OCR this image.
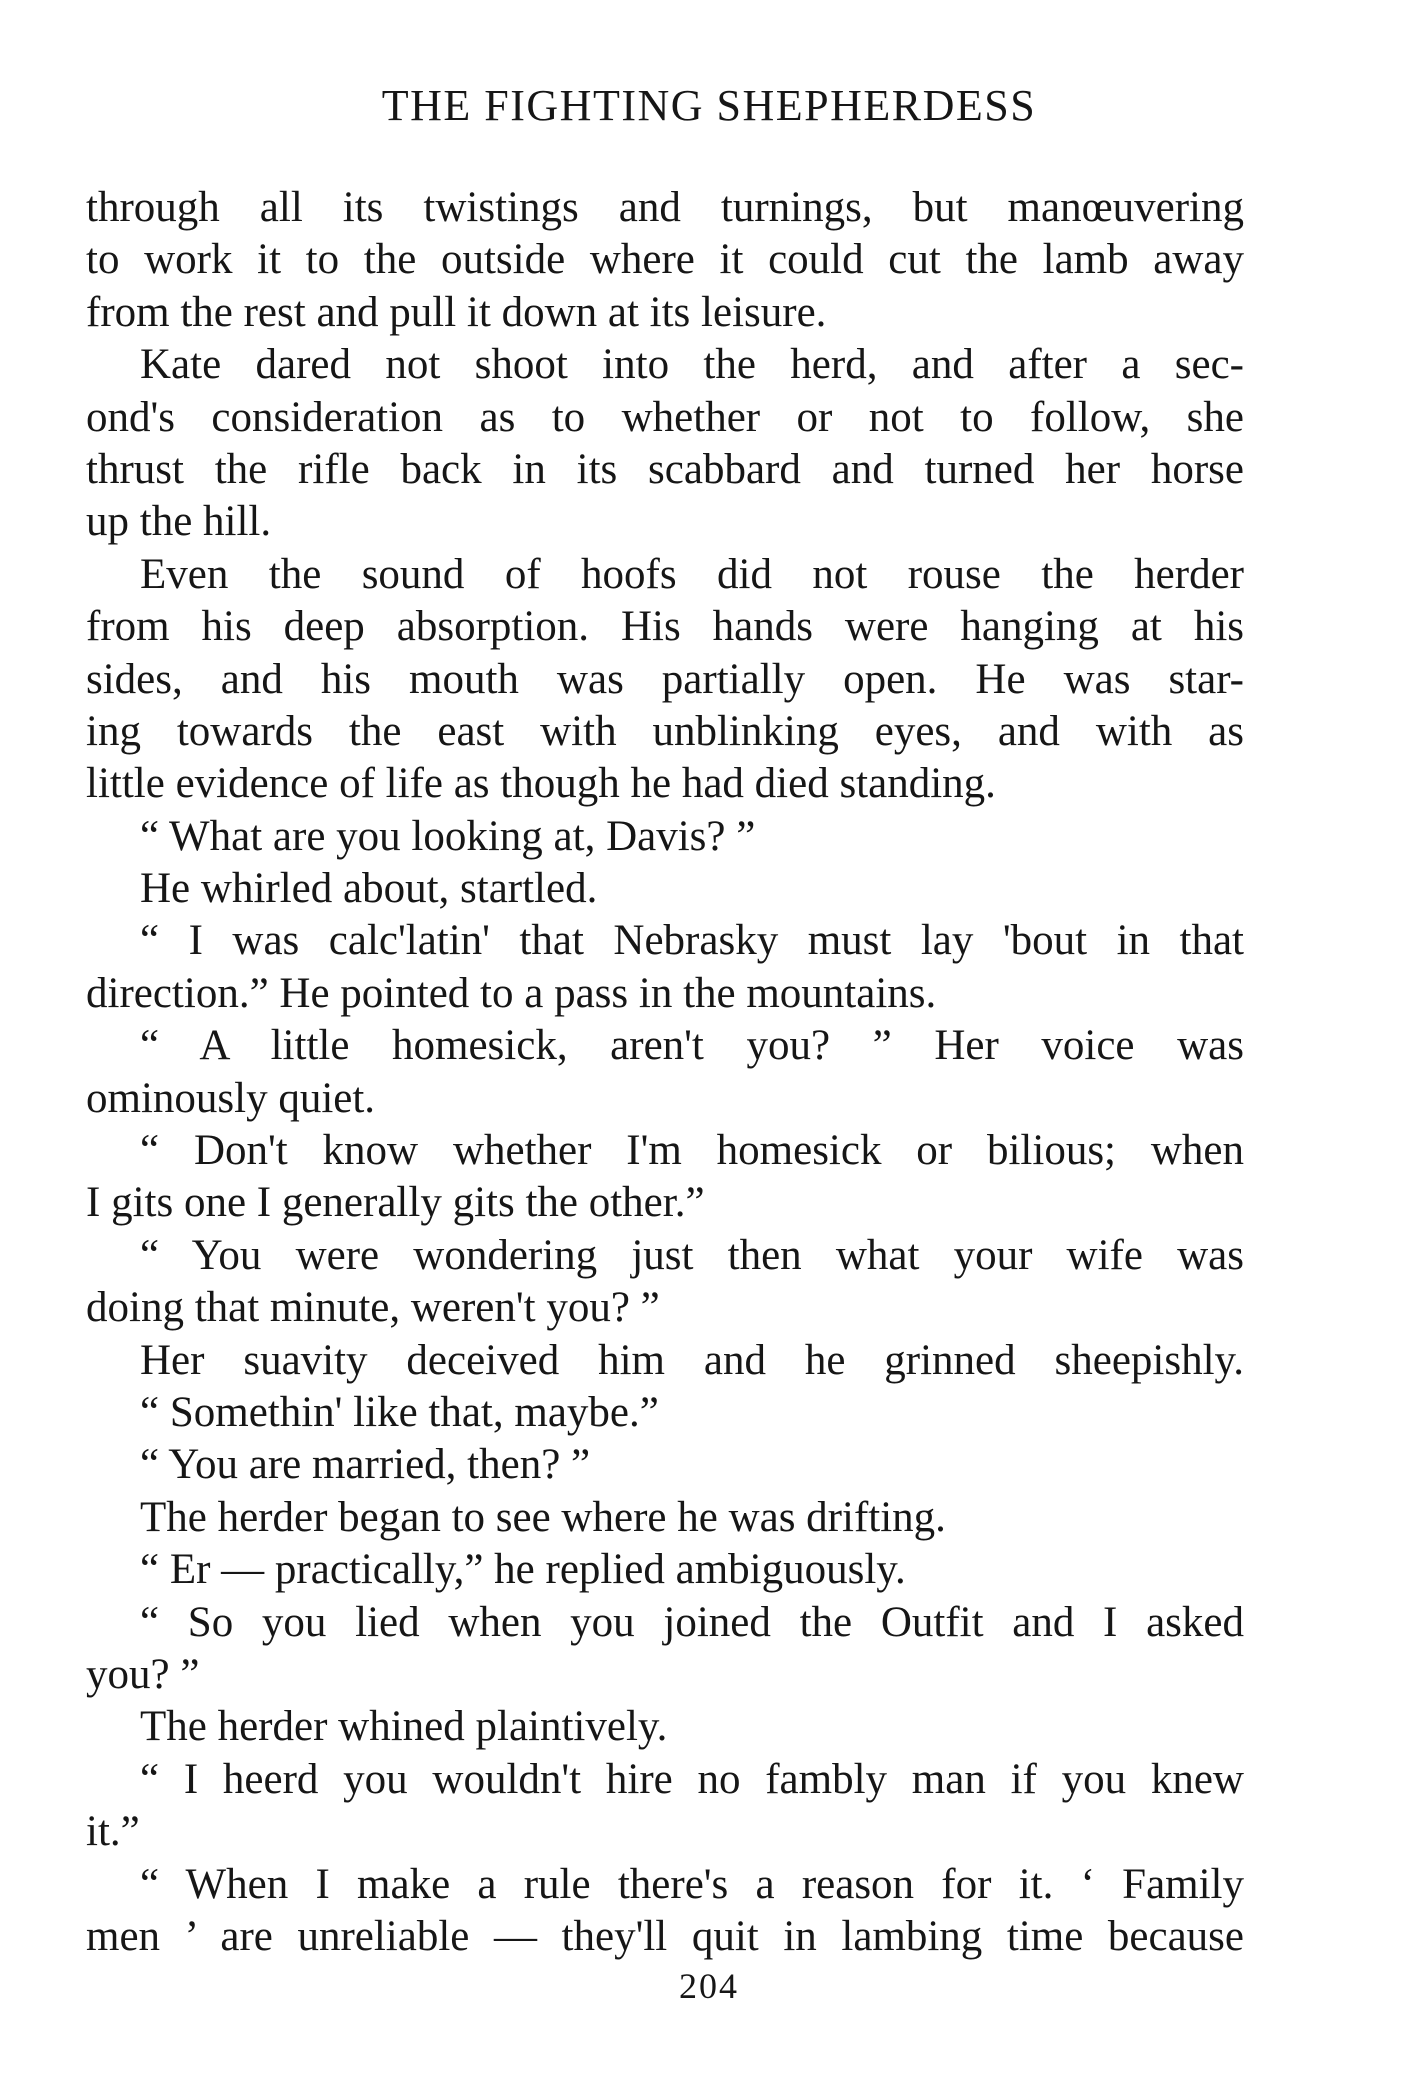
THE FIGHTING SHEPHERDESS
through all its twistings and turnings, but manœuvering
to work it to the outside where it could cut the lamb away
from the rest and pull it down at its leisure.
Kate dared not shoot into the herd, and after a sec-
ond's consideration as to whether or not to follow, she
thrust the rifle back in its scabbard and turned her horse
up the hill.
Even the sound of hoofs did not rouse the herder
from his deep absorption. His hands were hanging at his
sides, and his mouth was partially open. He was star-
ing towards the east with unblinking eyes, and with as
little evidence of life as though he had died standing.
“ What are you looking at, Davis? ”
He whirled about, startled.
“ I was calc'latin' that Nebrasky must lay 'bout in that
direction.” He pointed to a pass in the mountains.
“ A little homesick, aren't you? ” Her voice was
ominously quiet.
“ Don't know whether I'm homesick or bilious; when
I gits one I generally gits the other.”
“ You were wondering just then what your wife was
doing that minute, weren't you? ”
Her suavity deceived him and he grinned sheepishly.
“ Somethin' like that, maybe.”
“ You are married, then? ”
The herder began to see where he was drifting.
“ Er — practically,” he replied ambiguously.
“ So you lied when you joined the Outfit and I asked
you? ”
The herder whined plaintively.
“ I heerd you wouldn't hire no fambly man if you knew
it.”
“ When I make a rule there's a reason for it. ‘ Family
men ’ are unreliable — they'll quit in lambing time because
204
